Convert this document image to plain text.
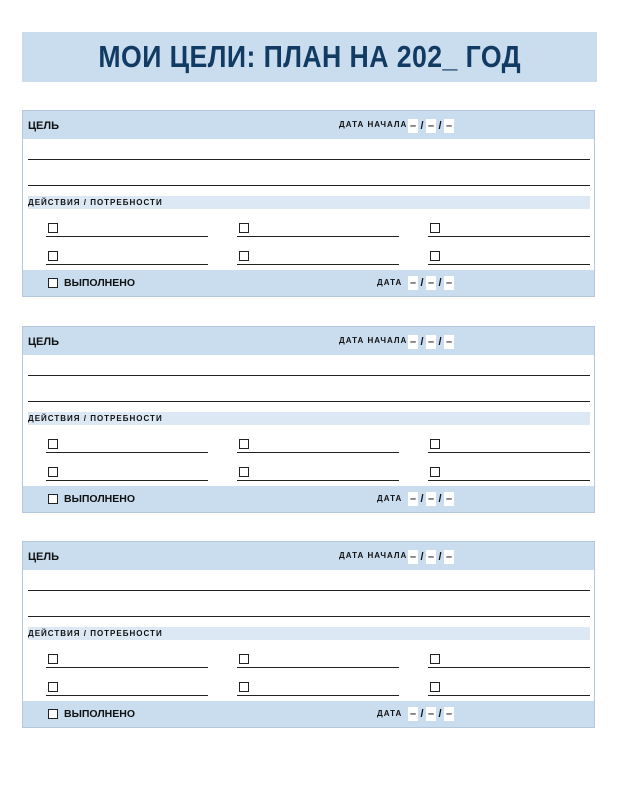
МОИ ЦЕЛИ: ПЛАН НА 202_ ГОД
ЦЕЛЬ	ДАТА НАЧАЛА – / – / –
ДЕЙСТВИЯ / ПОТРЕБНОСТИ
ВЫПОЛНЕНО	ДАТА – / – / –
ЦЕЛЬ	ДАТА НАЧАЛА – / – / –
ДЕЙСТВИЯ / ПОТРЕБНОСТИ
ВЫПОЛНЕНО	ДАТА – / – / –
ЦЕЛЬ	ДАТА НАЧАЛА – / – / –
ДЕЙСТВИЯ / ПОТРЕБНОСТИ
ВЫПОЛНЕНО	ДАТА – / – / –
